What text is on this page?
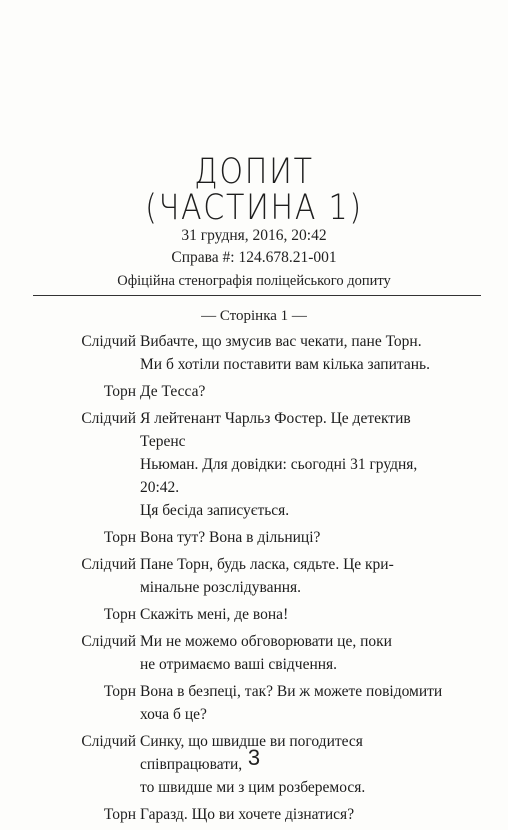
ДОПИТ
(ЧАСТИНА 1)
31 грудня, 2016, 20:42
Справа #: 124.678.21-001
Офіційна стенографія поліцейського допиту
— Сторінка 1 —
Слідчий Вибачте, що змусив вас чекати, пане Торн.
Ми б хотіли поставити вам кілька запитань.
Торн Де Тесса?
Слідчий Я лейтенант Чарльз Фостер. Це детектив Теренс
Ньюман. Для довідки: сьогодні 31 грудня, 20:42.
Ця бесіда записується.
Торн Вона тут? Вона в дільниці?
Слідчий Пане Торн, будь ласка, сядьте. Це кри-
мінальне розслідування.
Торн Скажіть мені, де вона!
Слідчий Ми не можемо обговорювати це, поки
не отримаємо ваші свідчення.
Торн Вона в безпеці, так? Ви ж можете повідомити
хоча б це?
Слідчий Синку, що швидше ви погодитеся співпрацювати,
то швидше ми з цим розберемося.
Торн Гаразд. Що ви хочете дізнатися?
3
